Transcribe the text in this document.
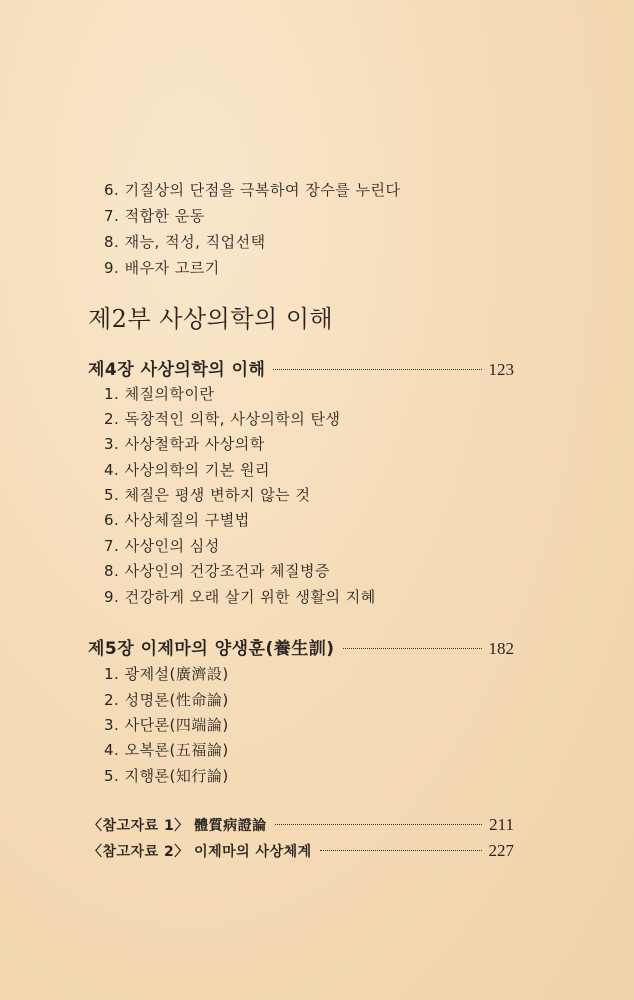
6. 기질상의 단점을 극복하여 장수를 누린다
7. 적합한 운동
8. 재능, 적성, 직업선택
9. 배우자 고르기
제2부 사상의학의 이해
제4장 사상의학의 이해	123
1. 체질의학이란
2. 독창적인 의학, 사상의학의 탄생
3. 사상철학과 사상의학
4. 사상의학의 기본 원리
5. 체질은 평생 변하지 않는 것
6. 사상체질의 구별법
7. 사상인의 심성
8. 사상인의 건강조건과 체질병증
9. 건강하게 오래 살기 위한 생활의 지혜
제5장 이제마의 양생훈(養生訓)	182
1. 광제설(廣濟設)
2. 성명론(性命論)
3. 사단론(四端論)
4. 오복론(五福論)
5. 지행론(知行論)
〈참고자료 1〉 體質病證論	211
〈참고자료 2〉 이제마의 사상체계	227
